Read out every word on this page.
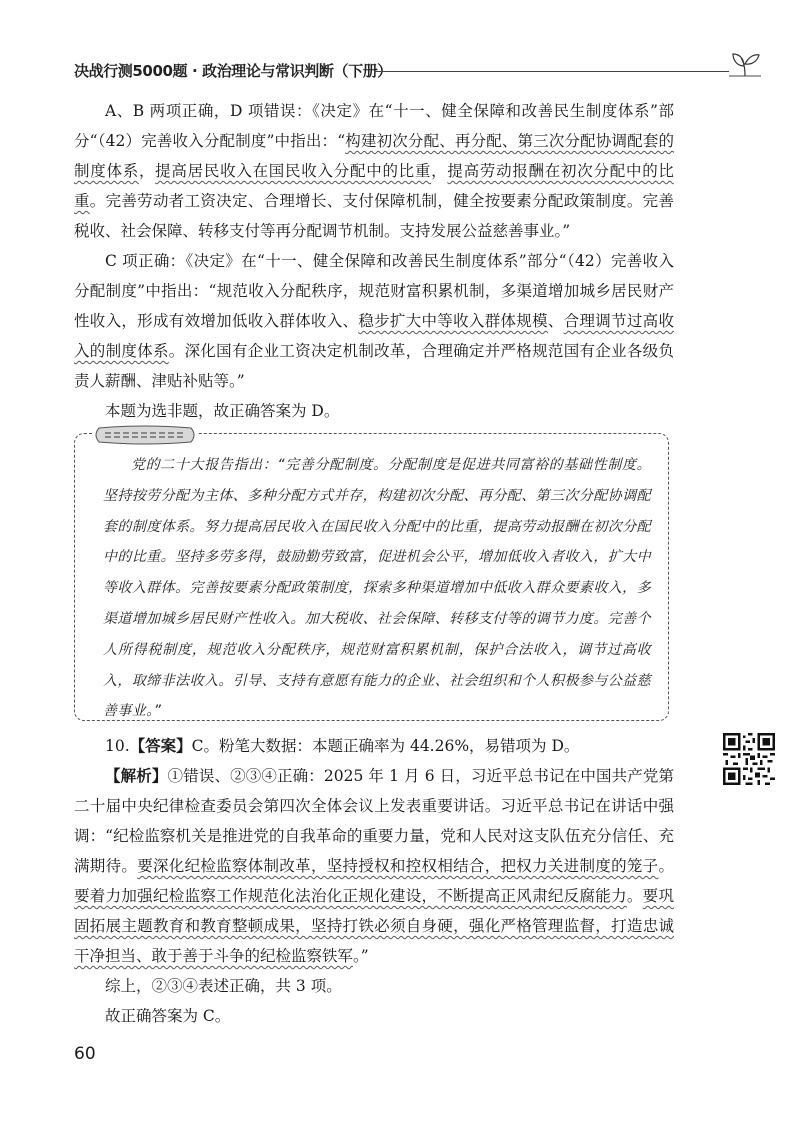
决战行测5000题 · 政治理论与常识判断（下册）

A、B 两项正确，D 项错误：《决定》在“十一、健全保障和改善民生制度体系”部分“（42）完善收入分配制度”中指出：“构建初次分配、再分配、第三次分配协调配套的制度体系，提高居民收入在国民收入分配中的比重，提高劳动报酬在初次分配中的比重。完善劳动者工资决定、合理增长、支付保障机制，健全按要素分配政策制度。完善税收、社会保障、转移支付等再分配调节机制。支持发展公益慈善事业。”

C 项正确：《决定》在“十一、健全保障和改善民生制度体系”部分“（42）完善收入分配制度”中指出：“规范收入分配秩序，规范财富积累机制，多渠道增加城乡居民财产性收入，形成有效增加低收入群体收入、稳步扩大中等收入群体规模、合理调节过高收入的制度体系。深化国有企业工资决定机制改革，合理确定并严格规范国有企业各级负责人薪酬、津贴补贴等。”

本题为选非题，故正确答案为 D。

党的二十大报告指出：“完善分配制度。分配制度是促进共同富裕的基础性制度。坚持按劳分配为主体、多种分配方式并存，构建初次分配、再分配、第三次分配协调配套的制度体系。努力提高居民收入在国民收入分配中的比重，提高劳动报酬在初次分配中的比重。坚持多劳多得，鼓励勤劳致富，促进机会公平，增加低收入者收入，扩大中等收入群体。完善按要素分配政策制度，探索多种渠道增加中低收入群众要素收入，多渠道增加城乡居民财产性收入。加大税收、社会保障、转移支付等的调节力度。完善个人所得税制度，规范收入分配秩序，规范财富积累机制，保护合法收入，调节过高收入，取缔非法收入。引导、支持有意愿有能力的企业、社会组织和个人积极参与公益慈善事业。”

10.【答案】C。粉笔大数据：本题正确率为 44.26%，易错项为 D。

【解析】①错误、②③④正确：2025 年 1 月 6 日，习近平总书记在中国共产党第二十届中央纪律检查委员会第四次全体会议上发表重要讲话。习近平总书记在讲话中强调：“纪检监察机关是推进党的自我革命的重要力量，党和人民对这支队伍充分信任、充满期待。要深化纪检监察体制改革，坚持授权和控权相结合，把权力关进制度的笼子。要着力加强纪检监察工作规范化法治化正规化建设，不断提高正风肃纪反腐能力。要巩固拓展主题教育和教育整顿成果，坚持打铁必须自身硬，强化严格管理监督，打造忠诚干净担当、敢于善于斗争的纪检监察铁军。”

综上，②③④表述正确，共 3 项。

故正确答案为 C。

60
